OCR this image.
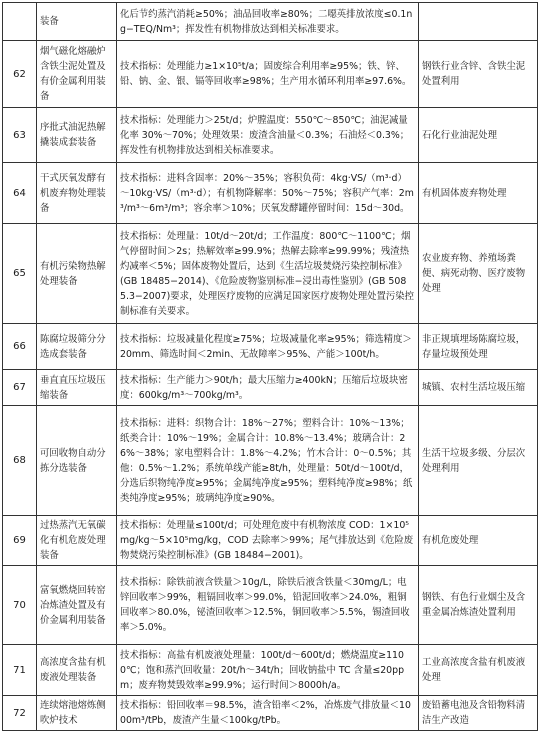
	装备	化后节约蒸汽消耗≥50%；油品回收率≥80%；二噁英排放浓度≤0.1ng−TEQ/Nm³；挥发性有机物排放达到相关标准要求。	
62	烟气磁化熔融炉含铁尘泥处置及有价金属利用装备	技术指标：处理能力≥1×10⁵t/a；固废综合利用率≥95%；铁、锌、铅、钠、金、银、镉等回收率≥98%；生产用水循环利用率≥97.6%。	钢铁行业含锌、含铁尘泥处置利用
63	序批式油泥热解撬装成套装备	技术指标：处理能力＞25t/d；炉膛温度：550℃～850℃；油泥减量化率 30%～70%；处理效果：废渣含油量＜0.3%；石油烃＜0.3%；挥发性有机物排放达到相关标准要求。	石化行业油泥处理
64	干式厌氧发酵有机废弃物处理装备	技术指标：进料含固率：20%～35%；容积负荷：4kg·VS/（m³·d）～10kg·VS/（m³·d）；有机物降解率：50%～75%；容积产气率：2m³/m³～6m³/m³；容余率＞10%；厌氧发酵罐停留时间：15d～30d。	有机固体废弃物处理
65	有机污染物热解处理装备	技术指标：处理量：10t/d～20t/d；工作温度：800℃～1100℃；烟气停留时间＞2s；热解效率≥99.9%；热解去除率≥99.99%；残渣热灼减率＜5%；固体废物处置后，达到《生活垃圾焚烧污染控制标准》(GB 18485−2014)、《危险废物鉴别标准−浸出毒性鉴别》(GB 5085.3−2007)要求，处理医疗废物的应满足国家医疗废物处理处置污染控制标准有关要求。	农业废弃物、养殖场粪便、病死动物、医疗废物处理
66	陈腐垃圾筛分分选成套装备	技术指标：垃圾减量化程度≥75%；垃圾减量化率≥95%；筛选精度＞20mm、筛选时间＜2min、无故障率＞95%、产能＞100t/h。	非正规填埋场陈腐垃圾，存量垃圾预处理
67	垂直直压垃圾压缩装备	技术指标：生产能力＞90t/h；最大压缩力≥400kN；压缩后垃圾块密度：600kg/m³～700kg/m³。	城镇、农村生活垃圾压缩
68	可回收物自动分拣分选装备	技术指标：进料：织物合计：18%～27%；塑料合计：10%～13%；纸类合计：10%～19%；金属合计：10.8%～13.4%；玻璃合计：26%～38%；家电塑料合计：1.8%～4.2%；竹木合计：0～0.5%；其他：0.5%～1.2%；系统单线产能≥8t/h，处理量：50t/d～100t/d，分选后织物纯净度≥95%；金属纯净度≥95%；塑料纯净度≥98%；纸类纯净度≥95%；玻璃纯净度≥90%。	生活干垃圾多级、分层次处理利用
69	过热蒸汽无氧碳化有机危废处理装备	技术指标：处理量≤100t/d；可处理危废中有机物浓度 COD：1×10⁵mg/kg～5×10⁵mg/kg，COD 去除率＞99%；尾气排放达到《危险废物焚烧污染控制标准》(GB 18484−2001)。	有机危废处理
70	富氧燃烧回转窑冶炼渣处置及有价金属利用装备	技术指标：除铁前液含铁量＞10g/L，除铁后液含铁量＜30mg/L；电锌回收率＞99%，粗镉回收率＞99.0%，铅泥回收率＞24.0%，粗铜回收率＞80.0%，铋渣回收率＞12.5%，铜回收率＞5.5%，锡渣回收率＞5.0%。	钢铁、有色行业烟尘及含重金属冶炼渣处置利用
71	高浓度含盐有机废液处理装备	技术指标：高盐有机废液处理量：100t/d～600t/d；燃烧温度≥1100℃；饱和蒸汽回收量：20t/h～34t/h；回收钠盐中 TC 含量≤20ppm；废弃物焚毁效率≥99.9%；运行时间＞8000h/a。	工业高浓度含盐有机废液处理
72	连续熔池熔炼侧吹炉技术	技术指标：铅回收率＝98.5%，渣含铅率＜2%，冶炼废气排放量＜1000m³/tPb，废渣产生量＜100kg/tPb。	废铅蓄电池及含铅物料清洁生产改造
